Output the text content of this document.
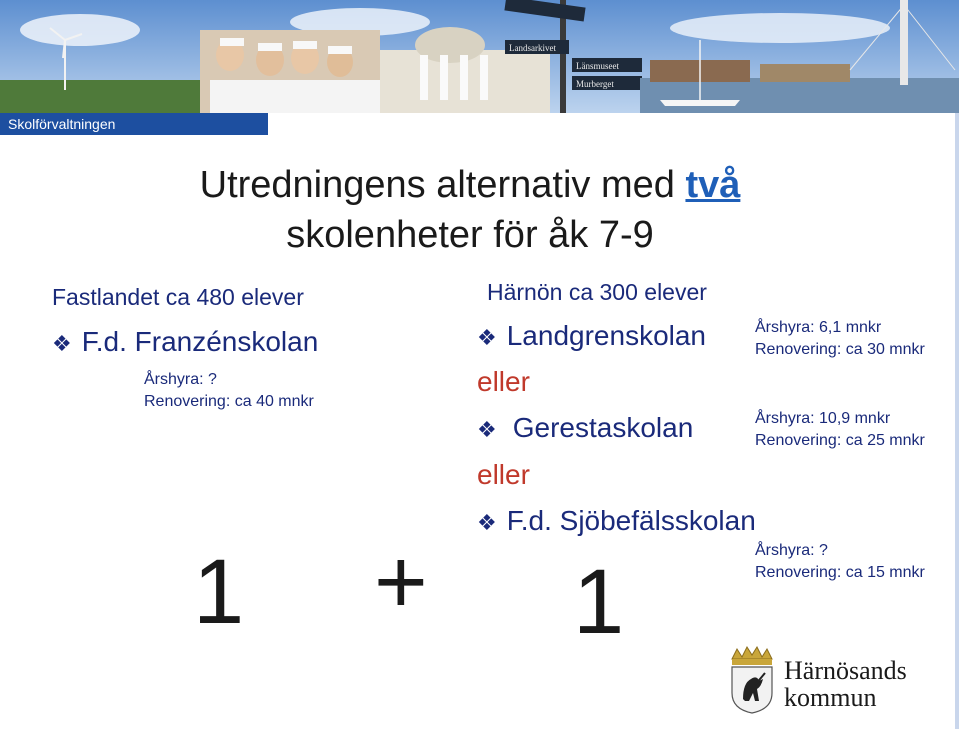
Landsarkivet
Länsmuseet
Murberget
Skolförvaltningen
Utredningens alternativ med två
skolenheter för åk 7-9
Fastlandet ca 480 elever
❖ F.d. Franzénskolan
Årshyra: ?
Renovering: ca 40 mnkr
Härnön ca 300 elever
❖ Landgrenskolan	Årshyra: 6,1 mnkr
Renovering: ca 30 mnkr
eller
❖ Gerestaskolan	Årshyra: 10,9 mnkr
Renovering: ca 25 mnkr
eller
❖ F.d. Sjöbefälsskolan
Årshyra: ?
Renovering: ca 15 mnkr
1 + 1
Härnösands
kommun
